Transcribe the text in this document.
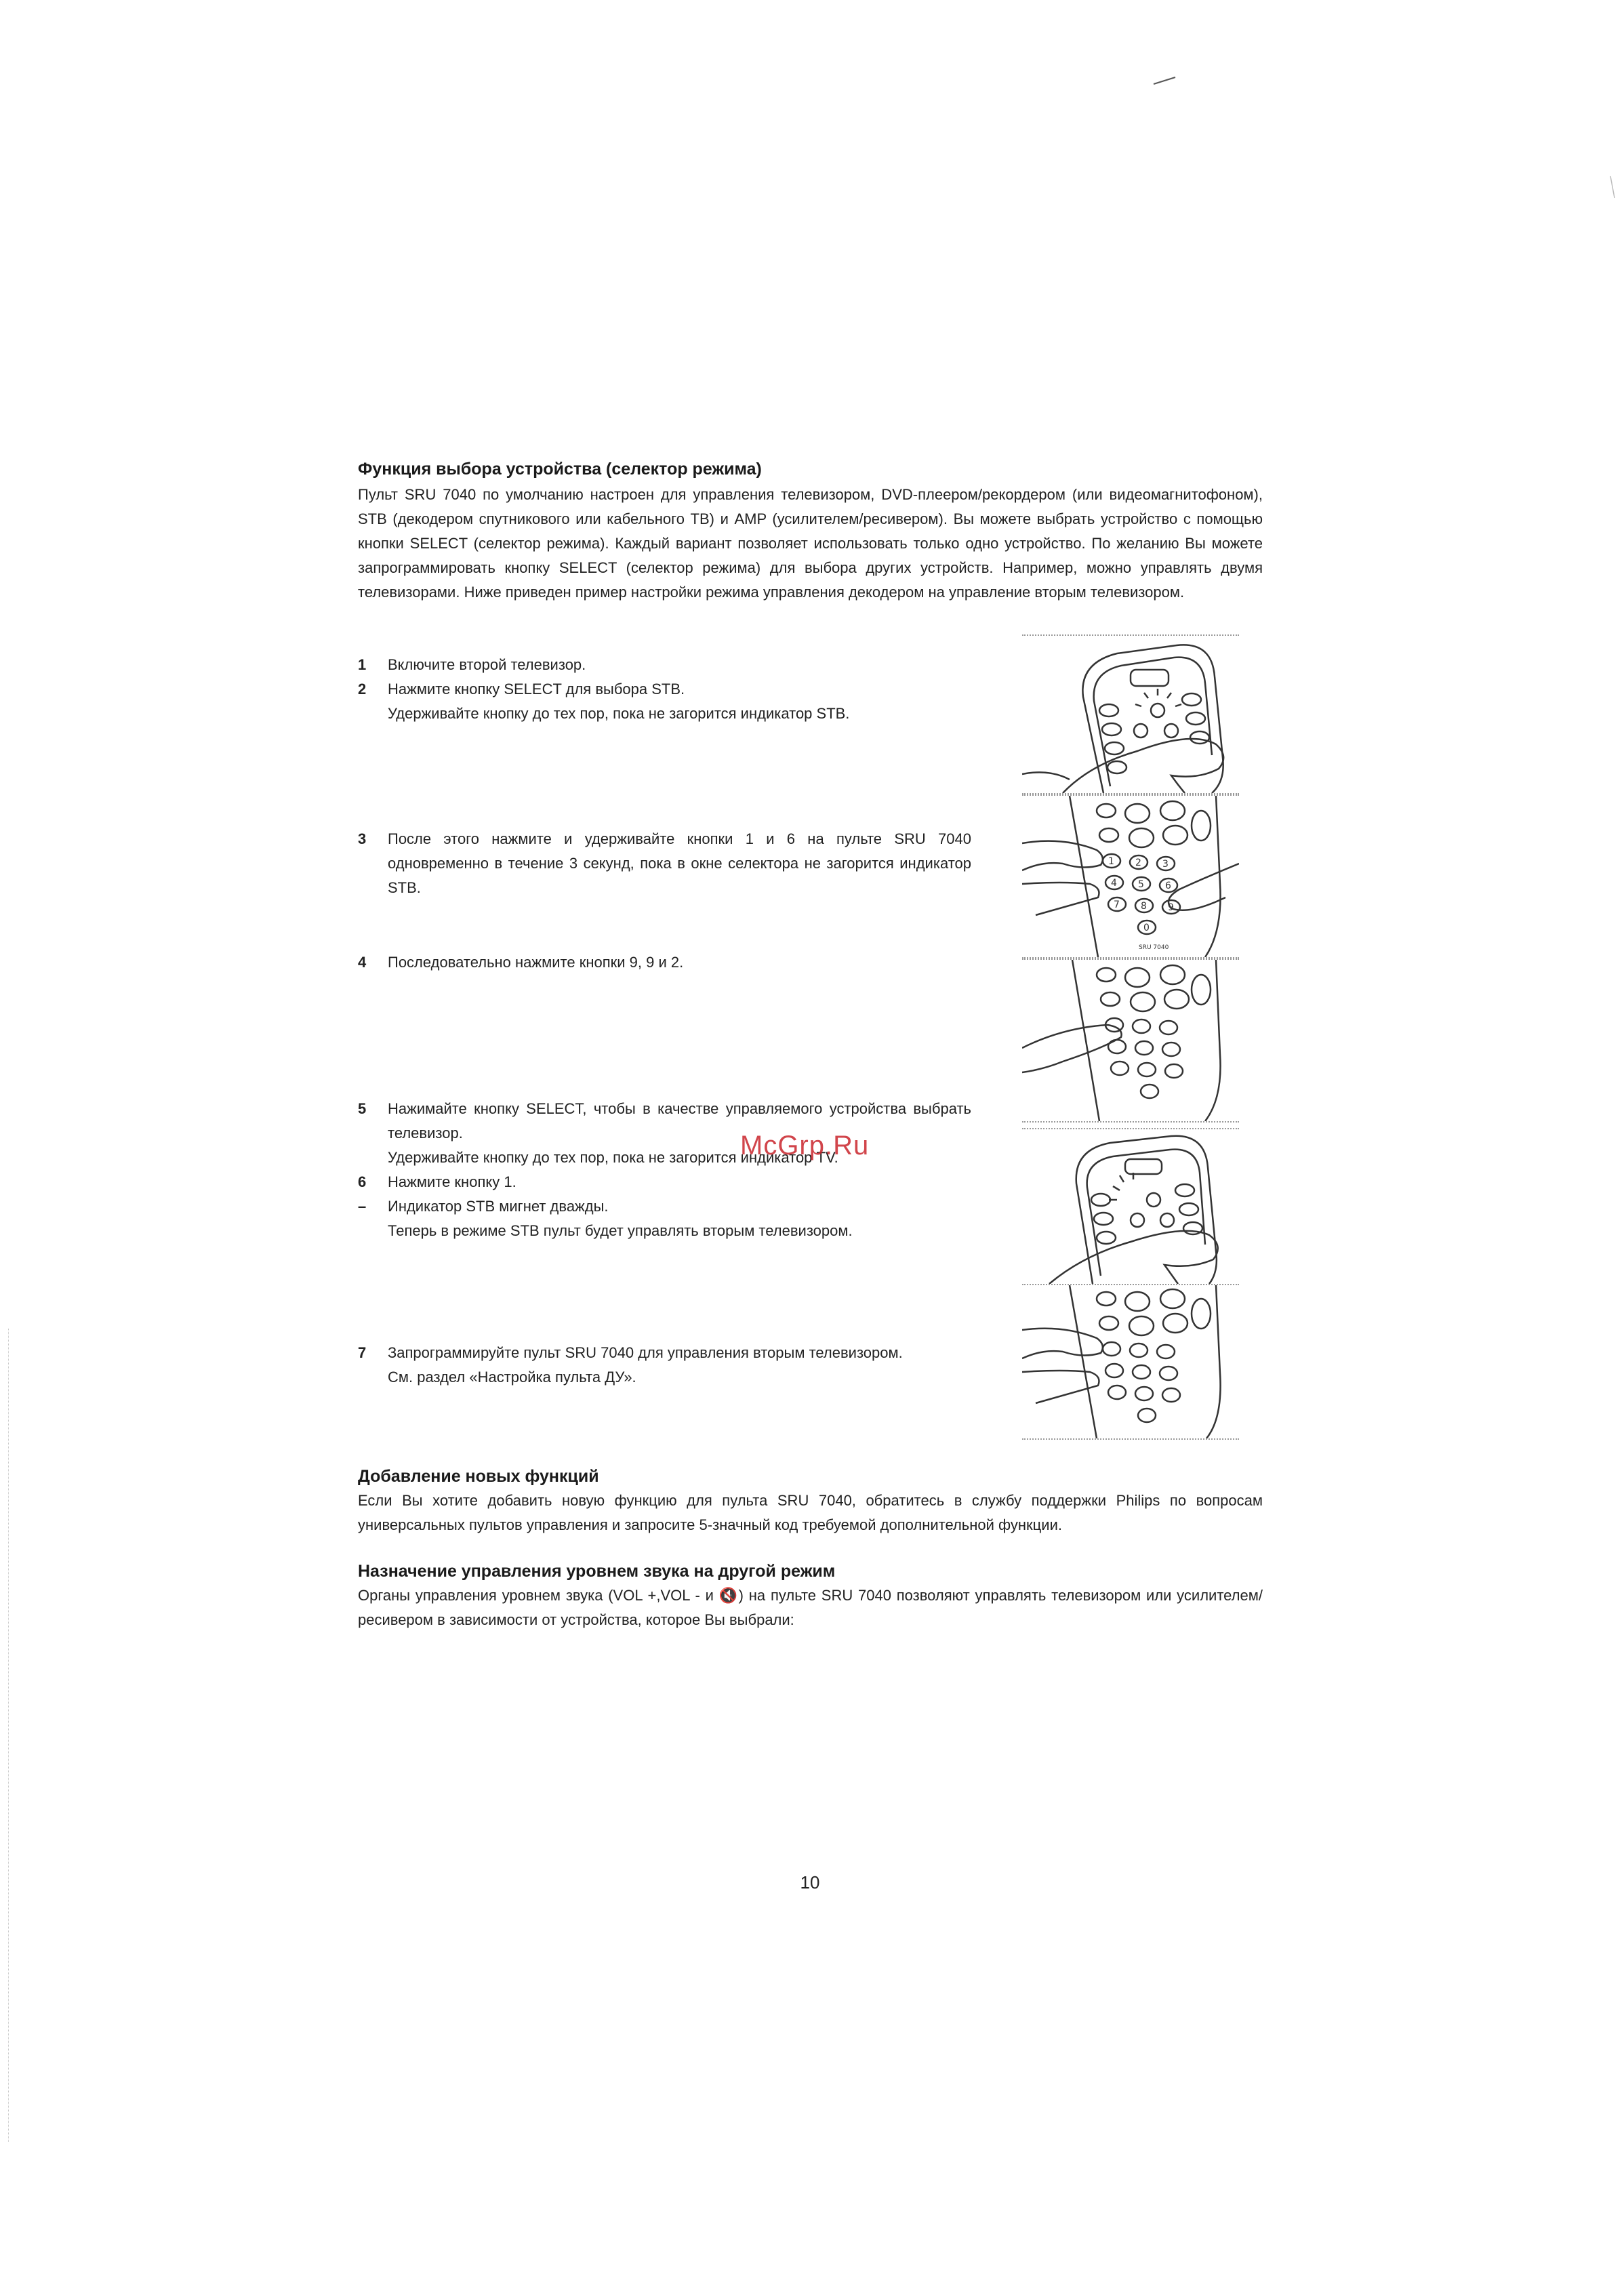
Функция выбора устройства (селектор режима)

Пульт SRU 7040 по умолчанию настроен для управления телевизором, DVD-плеером/рекордером (или видеомагнитофоном), STB (декодером спутникового или кабельного ТВ) и AMP (усилителем/ресивером). Вы можете выбрать устройство с помощью кнопки SELECT (селектор режима). Каждый вариант позволяет использовать только одно устройство. По желанию Вы можете запрограммировать кнопку SELECT (селектор режима) для выбора других устройств. Например, можно управлять двумя телевизорами. Ниже приведен пример настройки режима управления декодером на управление вторым телевизором.

1	Включите второй телевизор.
2	Нажмите кнопку SELECT для выбора STB.
Удерживайте кнопку до тех пор, пока не загорится индикатор STB.
3	После этого нажмите и удерживайте кнопки 1 и 6 на пульте SRU 7040 одновременно в течение 3 секунд, пока в окне селектора не загорится индикатор STB.
4	Последовательно нажмите кнопки 9, 9 и 2.
5	Нажимайте кнопку SELECT, чтобы в качестве управляемого устройства выбрать телевизор.
Удерживайте кнопку до тех пор, пока не загорится индикатор TV.
6	Нажмите кнопку 1.
–	Индикатор STB мигнет дважды.
Теперь в режиме STB пульт будет управлять вторым телевизором.
7	Запрограммируйте пульт SRU 7040 для управления вторым телевизором.
См. раздел «Настройка пульта ДУ».
McGrp.Ru
1 2 3
4 5 6
7 8 9
0
SRU 7040
Добавление новых функций

Если Вы хотите добавить новую функцию для пульта SRU 7040, обратитесь в службу поддержки Philips по вопросам универсальных пультов управления и запросите 5-значный код требуемой дополнительной функции.

Назначение управления уровнем звука на другой режим

Органы управления уровнем звука (VOL +,VOL - и 🔇) на пульте SRU 7040 позволяют управлять телевизором или усилителем/ресивером в зависимости от устройства, которое Вы выбрали:

10
